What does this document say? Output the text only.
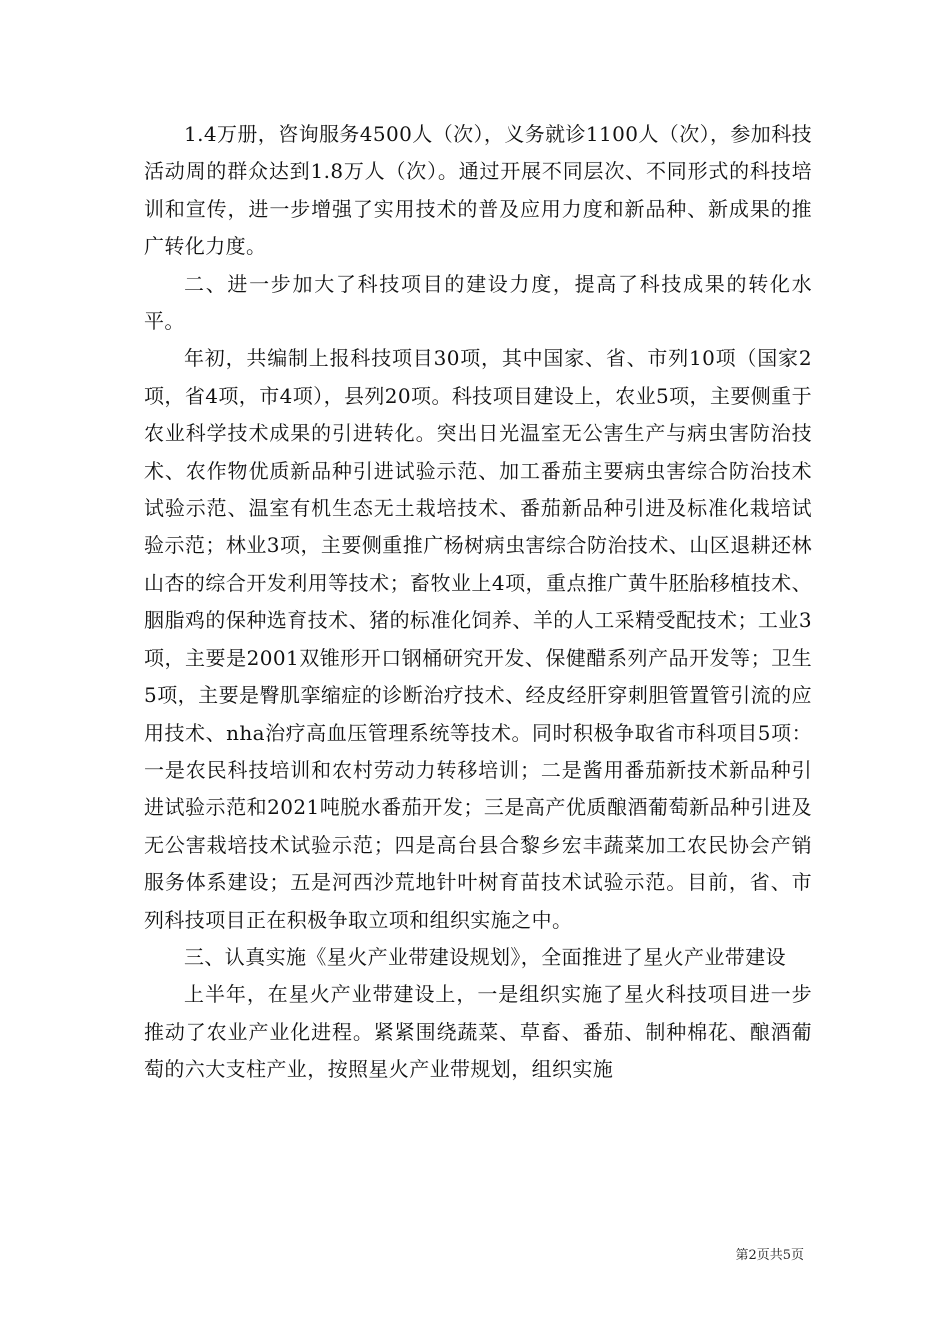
1.4万册，咨询服务4500人（次），义务就诊1100人（次），参加科技活动周的群众达到1.8万人（次）。通过开展不同层次、不同形式的科技培训和宣传，进一步增强了实用技术的普及应用力度和新品种、新成果的推广转化力度。

二、进一步加大了科技项目的建设力度，提高了科技成果的转化水平。

年初，共编制上报科技项目30项，其中国家、省、市列10项（国家2项，省4项，市4项），县列20项。科技项目建设上，农业5项，主要侧重于农业科学技术成果的引进转化。突出日光温室无公害生产与病虫害防治技术、农作物优质新品种引进试验示范、加工番茄主要病虫害综合防治技术试验示范、温室有机生态无土栽培技术、番茄新品种引进及标准化栽培试验示范；林业3项，主要侧重推广杨树病虫害综合防治技术、山区退耕还林山杏的综合开发利用等技术；畜牧业上4项，重点推广黄牛胚胎移植技术、胭脂鸡的保种选育技术、猪的标准化饲养、羊的人工采精受配技术；工业3项，主要是2001双锥形开口钢桶研究开发、保健醋系列产品开发等；卫生5项，主要是臀肌挛缩症的诊断治疗技术、经皮经肝穿刺胆管置管引流的应用技术、nha治疗高血压管理系统等技术。同时积极争取省市科项目5项：一是农民科技培训和农村劳动力转移培训；二是酱用番茄新技术新品种引进试验示范和2021吨脱水番茄开发；三是高产优质酿酒葡萄新品种引进及无公害栽培技术试验示范；四是高台县合黎乡宏丰蔬菜加工农民协会产销服务体系建设；五是河西沙荒地针叶树育苗技术试验示范。目前，省、市列科技项目正在积极争取立项和组织实施之中。

三、认真实施《星火产业带建设规划》，全面推进了星火产业带建设

上半年，在星火产业带建设上，一是组织实施了星火科技项目进一步推动了农业产业化进程。紧紧围绕蔬菜、草畜、番茄、制种棉花、酿酒葡萄的六大支柱产业，按照星火产业带规划，组织实施

第2页共5页
